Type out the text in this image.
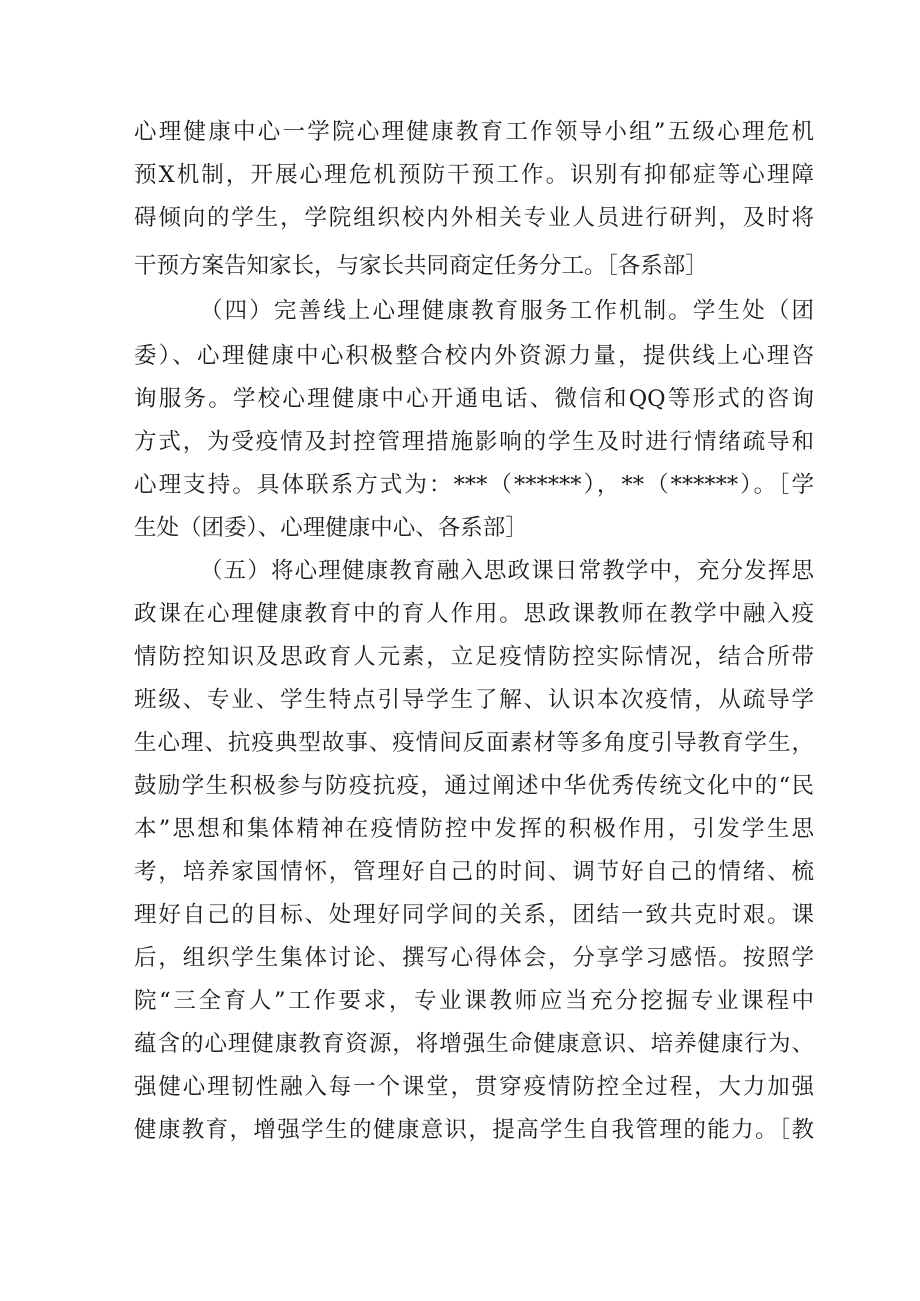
心理健康中心一学院心理健康教育工作领导小组”五级心理危机
预X机制，开展心理危机预防干预工作。识别有抑郁症等心理障
碍倾向的学生，学院组织校内外相关专业人员进行研判，及时将
干预方案告知家长，与家长共同商定任务分工。［各系部］
（四）完善线上心理健康教育服务工作机制。学生处（团
委）、心理健康中心积极整合校内外资源力量，提供线上心理咨
询服务。学校心理健康中心开通电话、微信和QQ等形式的咨询
方式，为受疫情及封控管理措施影响的学生及时进行情绪疏导和
心理支持。具体联系方式为：***（******），**（******）。［学
生处（团委）、心理健康中心、各系部］
（五）将心理健康教育融入思政课日常教学中，充分发挥思
政课在心理健康教育中的育人作用。思政课教师在教学中融入疫
情防控知识及思政育人元素，立足疫情防控实际情况，结合所带
班级、专业、学生特点引导学生了解、认识本次疫情，从疏导学
生心理、抗疫典型故事、疫情间反面素材等多角度引导教育学生，
鼓励学生积极参与防疫抗疫，通过阐述中华优秀传统文化中的“民
本”思想和集体精神在疫情防控中发挥的积极作用，引发学生思
考，培养家国情怀，管理好自己的时间、调节好自己的情绪、梳
理好自己的目标、处理好同学间的关系，团结一致共克时艰。课
后，组织学生集体讨论、撰写心得体会，分享学习感悟。按照学
院“三全育人”工作要求，专业课教师应当充分挖掘专业课程中
蕴含的心理健康教育资源，将增强生命健康意识、培养健康行为、
强健心理韧性融入每一个课堂，贯穿疫情防控全过程，大力加强
健康教育，增强学生的健康意识，提高学生自我管理的能力。［教
